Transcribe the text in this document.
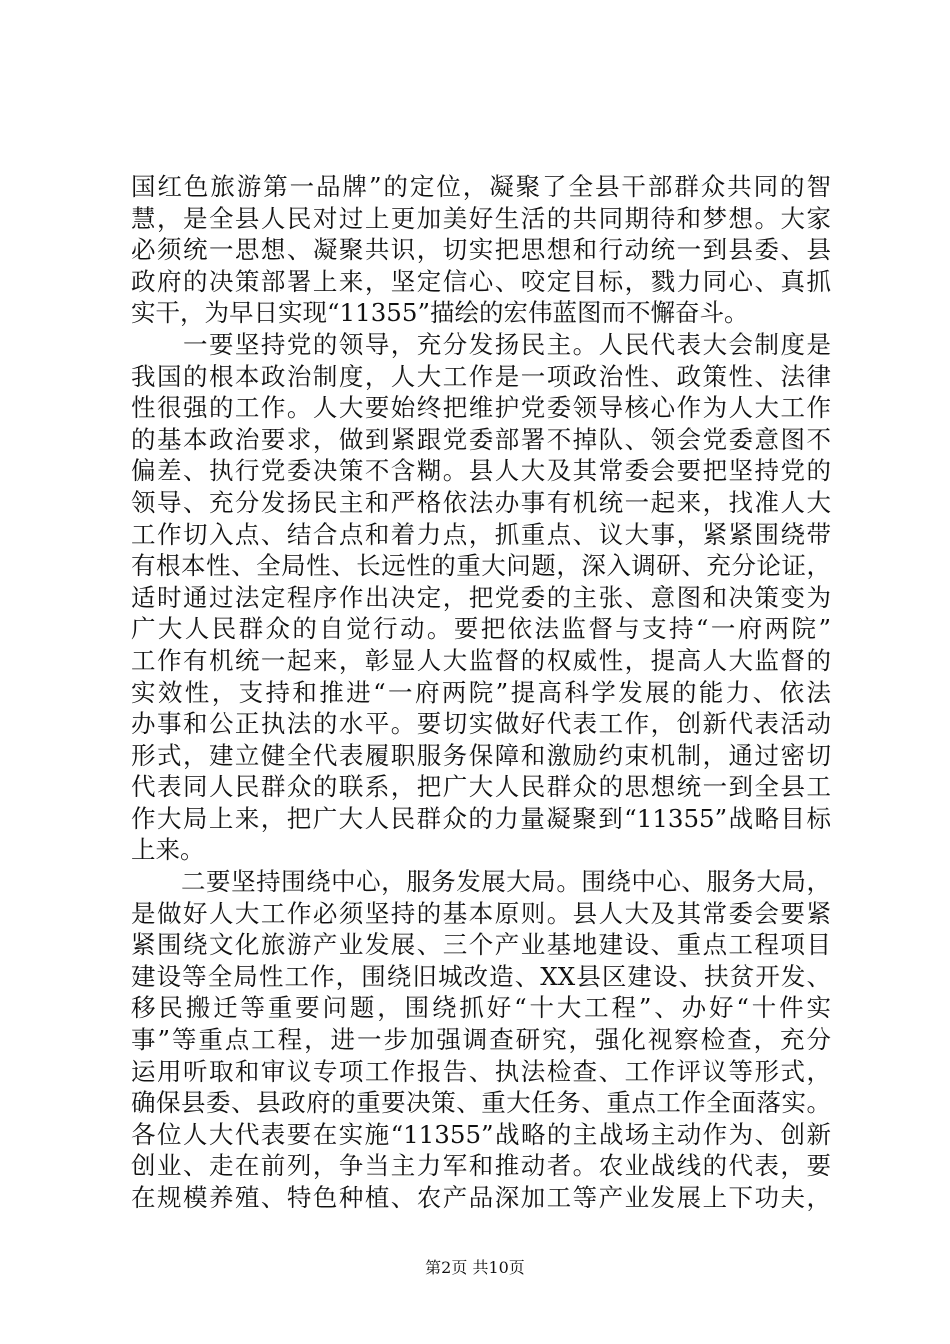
国红色旅游第一品牌”的定位，凝聚了全县干部群众共同的智
慧，是全县人民对过上更加美好生活的共同期待和梦想。大家
必须统一思想、凝聚共识，切实把思想和行动统一到县委、县
政府的决策部署上来，坚定信心、咬定目标，戮力同心、真抓
实干，为早日实现“11355”描绘的宏伟蓝图而不懈奋斗。
　　一要坚持党的领导，充分发扬民主。人民代表大会制度是
我国的根本政治制度，人大工作是一项政治性、政策性、法律
性很强的工作。人大要始终把维护党委领导核心作为人大工作
的基本政治要求，做到紧跟党委部署不掉队、领会党委意图不
偏差、执行党委决策不含糊。县人大及其常委会要把坚持党的
领导、充分发扬民主和严格依法办事有机统一起来，找准人大
工作切入点、结合点和着力点，抓重点、议大事，紧紧围绕带
有根本性、全局性、长远性的重大问题，深入调研、充分论证，
适时通过法定程序作出决定，把党委的主张、意图和决策变为
广大人民群众的自觉行动。要把依法监督与支持“一府两院”
工作有机统一起来，彰显人大监督的权威性，提高人大监督的
实效性，支持和推进“一府两院”提高科学发展的能力、依法
办事和公正执法的水平。要切实做好代表工作，创新代表活动
形式，建立健全代表履职服务保障和激励约束机制，通过密切
代表同人民群众的联系，把广大人民群众的思想统一到全县工
作大局上来，把广大人民群众的力量凝聚到“11355”战略目标
上来。
　　二要坚持围绕中心，服务发展大局。围绕中心、服务大局，
是做好人大工作必须坚持的基本原则。县人大及其常委会要紧
紧围绕文化旅游产业发展、三个产业基地建设、重点工程项目
建设等全局性工作，围绕旧城改造、XX县区建设、扶贫开发、
移民搬迁等重要问题，围绕抓好“十大工程”、办好“十件实
事”等重点工程，进一步加强调查研究，强化视察检查，充分
运用听取和审议专项工作报告、执法检查、工作评议等形式，
确保县委、县政府的重要决策、重大任务、重点工作全面落实。
各位人大代表要在实施“11355”战略的主战场主动作为、创新
创业、走在前列，争当主力军和推动者。农业战线的代表，要
在规模养殖、特色种植、农产品深加工等产业发展上下功夫，
第2页 共10页
